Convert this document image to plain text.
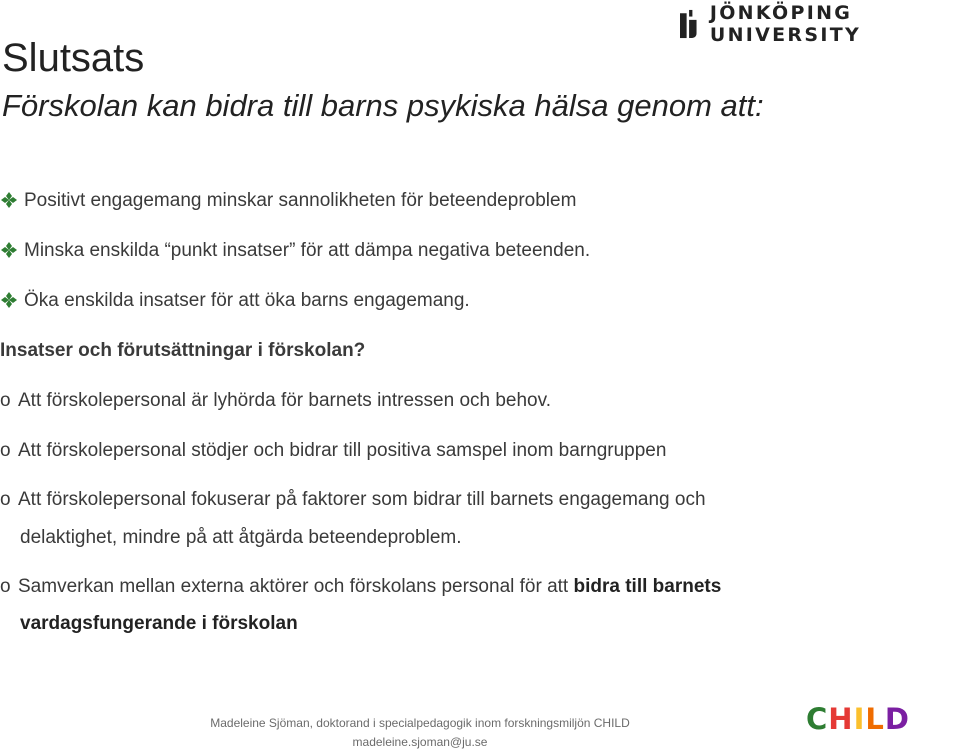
JÖNKÖPING UNIVERSITY
Slutsats
Förskolan kan bidra till barns psykiska hälsa genom att:
Positivt engagemang minskar sannolikheten för beteendeproblem
Minska enskilda “punkt insatser” för att dämpa negativa beteenden.
Öka enskilda insatser för att öka barns engagemang.
Insatser och förutsättningar i förskolan?
o Att förskolepersonal är lyhörda för barnets intressen och behov.
o Att förskolepersonal stödjer och bidrar till positiva samspel inom barngruppen
o Att förskolepersonal fokuserar på faktorer som bidrar till barnets engagemang och
delaktighet, mindre på att åtgärda beteendeproblem.
o Samverkan mellan externa aktörer och förskolans personal för att bidra till barnets
vardagsfungerande i förskolan
Madeleine Sjöman, doktorand i specialpedagogik inom forskningsmiljön CHILD
madeleine.sjoman@ju.se
CHILD
